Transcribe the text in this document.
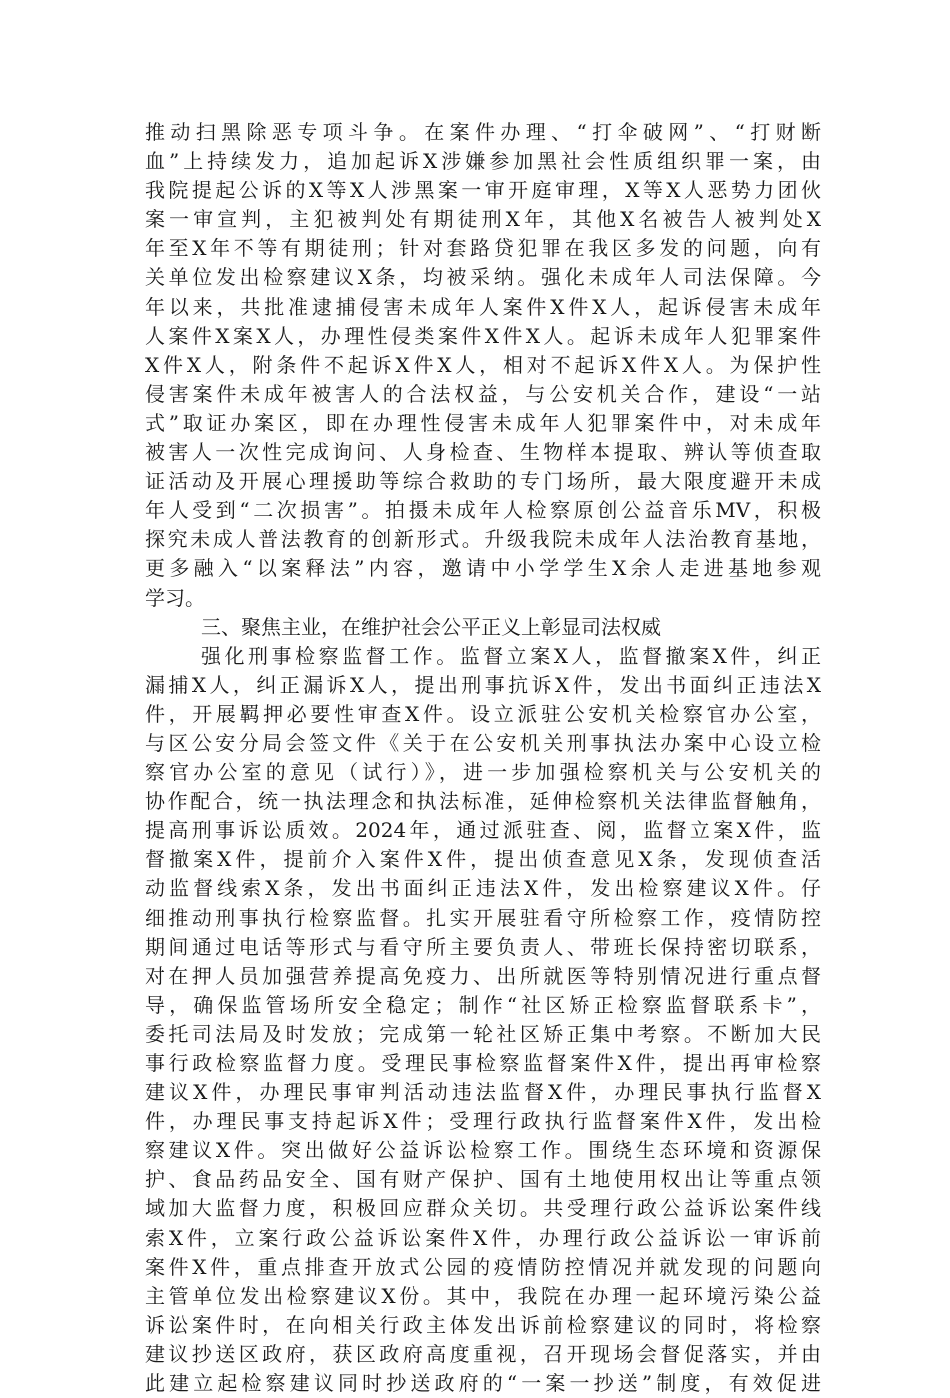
推动扫黑除恶专项斗争。在案件办理、“打伞破网”、“打财断
血”上持续发力，追加起诉X涉嫌参加黑社会性质组织罪一案，由
我院提起公诉的X等X人涉黑案一审开庭审理，X等X人恶势力团伙
案一审宣判，主犯被判处有期徒刑X年，其他X名被告人被判处X
年至X年不等有期徒刑；针对套路贷犯罪在我区多发的问题，向有
关单位发出检察建议X条，均被采纳。强化未成年人司法保障。今
年以来，共批准逮捕侵害未成年人案件X件X人，起诉侵害未成年
人案件X案X人，办理性侵类案件X件X人。起诉未成年人犯罪案件
X件X人，附条件不起诉X件X人，相对不起诉X件X人。为保护性
侵害案件未成年被害人的合法权益，与公安机关合作，建设“一站
式”取证办案区，即在办理性侵害未成年人犯罪案件中，对未成年
被害人一次性完成询问、人身检查、生物样本提取、辨认等侦查取
证活动及开展心理援助等综合救助的专门场所，最大限度避开未成
年人受到“二次损害”。拍摄未成年人检察原创公益音乐MV，积极
探究未成人普法教育的创新形式。升级我院未成年人法治教育基地，
更多融入“以案释法”内容，邀请中小学学生X余人走进基地参观
学习。
三、聚焦主业，在维护社会公平正义上彰显司法权威
强化刑事检察监督工作。监督立案X人，监督撤案X件，纠正
漏捕X人，纠正漏诉X人，提出刑事抗诉X件，发出书面纠正违法X
件，开展羁押必要性审查X件。设立派驻公安机关检察官办公室，
与区公安分局会签文件《关于在公安机关刑事执法办案中心设立检
察官办公室的意见（试行）》，进一步加强检察机关与公安机关的
协作配合，统一执法理念和执法标准，延伸检察机关法律监督触角，
提高刑事诉讼质效。2024年，通过派驻查、阅，监督立案X件，监
督撤案X件，提前介入案件X件，提出侦查意见X条，发现侦查活
动监督线索X条，发出书面纠正违法X件，发出检察建议X件。仔
细推动刑事执行检察监督。扎实开展驻看守所检察工作，疫情防控
期间通过电话等形式与看守所主要负责人、带班长保持密切联系，
对在押人员加强营养提高免疫力、出所就医等特别情况进行重点督
导，确保监管场所安全稳定；制作“社区矫正检察监督联系卡”，
委托司法局及时发放；完成第一轮社区矫正集中考察。不断加大民
事行政检察监督力度。受理民事检察监督案件X件，提出再审检察
建议X件，办理民事审判活动违法监督X件，办理民事执行监督X
件，办理民事支持起诉X件；受理行政执行监督案件X件，发出检
察建议X件。突出做好公益诉讼检察工作。围绕生态环境和资源保
护、食品药品安全、国有财产保护、国有土地使用权出让等重点领
域加大监督力度，积极回应群众关切。共受理行政公益诉讼案件线
索X件，立案行政公益诉讼案件X件，办理行政公益诉讼一审诉前
案件X件，重点排查开放式公园的疫情防控情况并就发现的问题向
主管单位发出检察建议X份。其中，我院在办理一起环境污染公益
诉讼案件时，在向相关行政主体发出诉前检察建议的同时，将检察
建议抄送区政府，获区政府高度重视，召开现场会督促落实，并由
此建立起检察建议同时抄送政府的“一案一抄送”制度，有效促进
